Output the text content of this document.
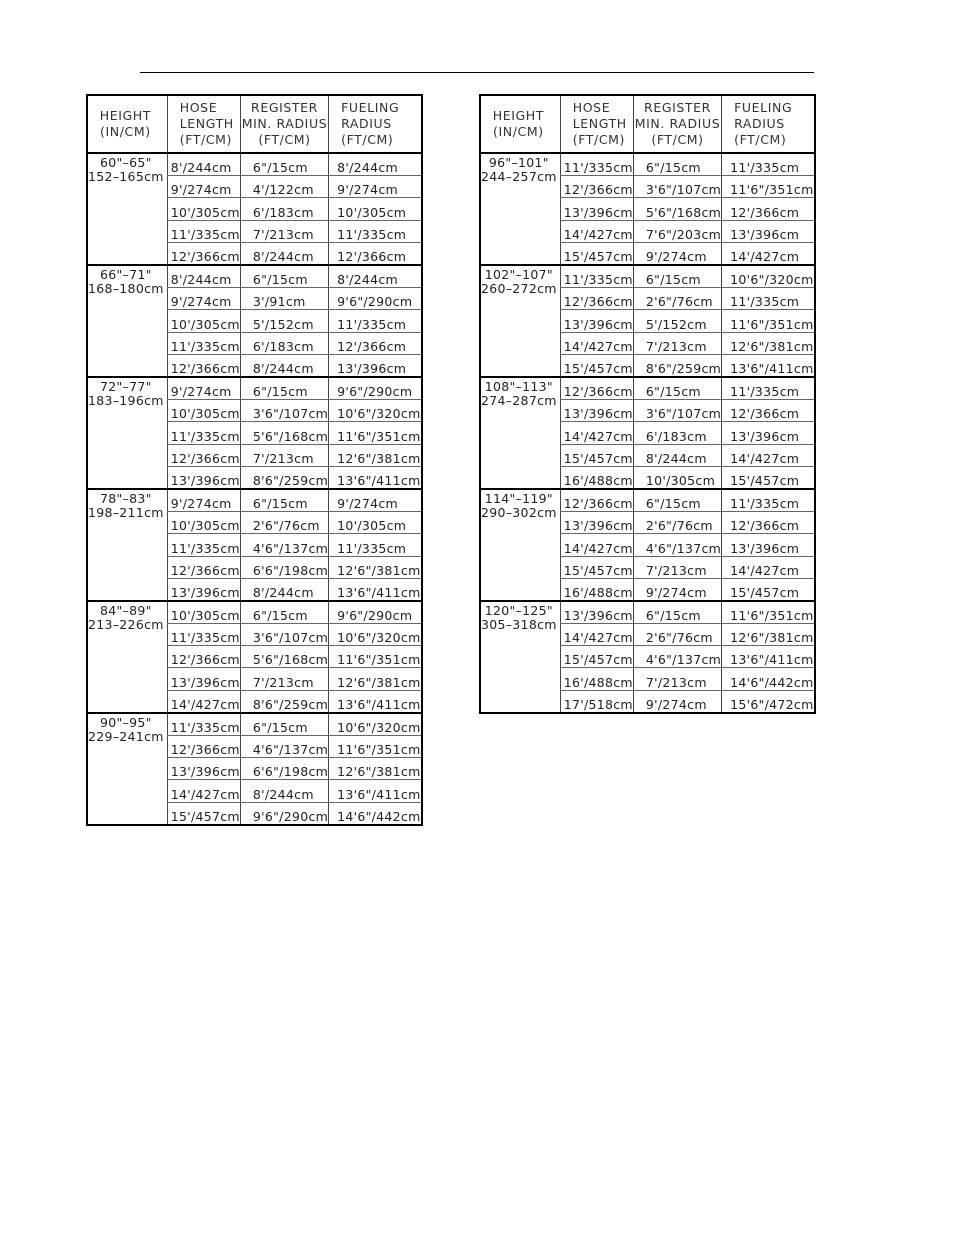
HEIGHT
(IN/CM)	HOSE
LENGTH
(FT/CM)	REGISTER
MIN. RADIUS
(FT/CM)	FUELING
RADIUS
(FT/CM)

60"–65"
152–165cm	8'/244cm	6"/15cm	8'/244cm
	9'/274cm	4'/122cm	9'/274cm
	10'/305cm	6'/183cm	10'/305cm
	11'/335cm	7'/213cm	11'/335cm
	12'/366cm	8'/244cm	12'/366cm

66"–71"
168–180cm	8'/244cm	6"/15cm	8'/244cm
	9'/274cm	3'/91cm	9'6"/290cm
	10'/305cm	5'/152cm	11'/335cm
	11'/335cm	6'/183cm	12'/366cm
	12'/366cm	8'/244cm	13'/396cm

72"–77"
183–196cm	9'/274cm	6"/15cm	9'6"/290cm
	10'/305cm	3'6"/107cm	10'6"/320cm
	11'/335cm	5'6"/168cm	11'6"/351cm
	12'/366cm	7'/213cm	12'6"/381cm
	13'/396cm	8'6"/259cm	13'6"/411cm

78"–83"
198–211cm	9'/274cm	6"/15cm	9'/274cm
	10'/305cm	2'6"/76cm	10'/305cm
	11'/335cm	4'6"/137cm	11'/335cm
	12'/366cm	6'6"/198cm	12'6"/381cm
	13'/396cm	8'/244cm	13'6"/411cm

84"–89"
213–226cm	10'/305cm	6"/15cm	9'6"/290cm
	11'/335cm	3'6"/107cm	10'6"/320cm
	12'/366cm	5'6"/168cm	11'6"/351cm
	13'/396cm	7'/213cm	12'6"/381cm
	14'/427cm	8'6"/259cm	13'6"/411cm

90"–95"
229–241cm	11'/335cm	6"/15cm	10'6"/320cm
	12'/366cm	4'6"/137cm	11'6"/351cm
	13'/396cm	6'6"/198cm	12'6"/381cm
	14'/427cm	8'/244cm	13'6"/411cm
	15'/457cm	9'6"/290cm	14'6"/442cm
HEIGHT
(IN/CM)	HOSE
LENGTH
(FT/CM)	REGISTER
MIN. RADIUS
(FT/CM)	FUELING
RADIUS
(FT/CM)

96"–101"
244–257cm	11'/335cm	6"/15cm	11'/335cm
	12'/366cm	3'6"/107cm	11'6"/351cm
	13'/396cm	5'6"/168cm	12'/366cm
	14'/427cm	7'6"/203cm	13'/396cm
	15'/457cm	9'/274cm	14'/427cm

102"–107"
260–272cm	11'/335cm	6"/15cm	10'6"/320cm
	12'/366cm	2'6"/76cm	11'/335cm
	13'/396cm	5'/152cm	11'6"/351cm
	14'/427cm	7'/213cm	12'6"/381cm
	15'/457cm	8'6"/259cm	13'6"/411cm

108"–113"
274–287cm	12'/366cm	6"/15cm	11'/335cm
	13'/396cm	3'6"/107cm	12'/366cm
	14'/427cm	6'/183cm	13'/396cm
	15'/457cm	8'/244cm	14'/427cm
	16'/488cm	10'/305cm	15'/457cm

114"–119"
290–302cm	12'/366cm	6"/15cm	11'/335cm
	13'/396cm	2'6"/76cm	12'/366cm
	14'/427cm	4'6"/137cm	13'/396cm
	15'/457cm	7'/213cm	14'/427cm
	16'/488cm	9'/274cm	15'/457cm

120"–125"
305–318cm	13'/396cm	6"/15cm	11'6"/351cm
	14'/427cm	2'6"/76cm	12'6"/381cm
	15'/457cm	4'6"/137cm	13'6"/411cm
	16'/488cm	7'/213cm	14'6"/442cm
	17'/518cm	9'/274cm	15'6"/472cm
